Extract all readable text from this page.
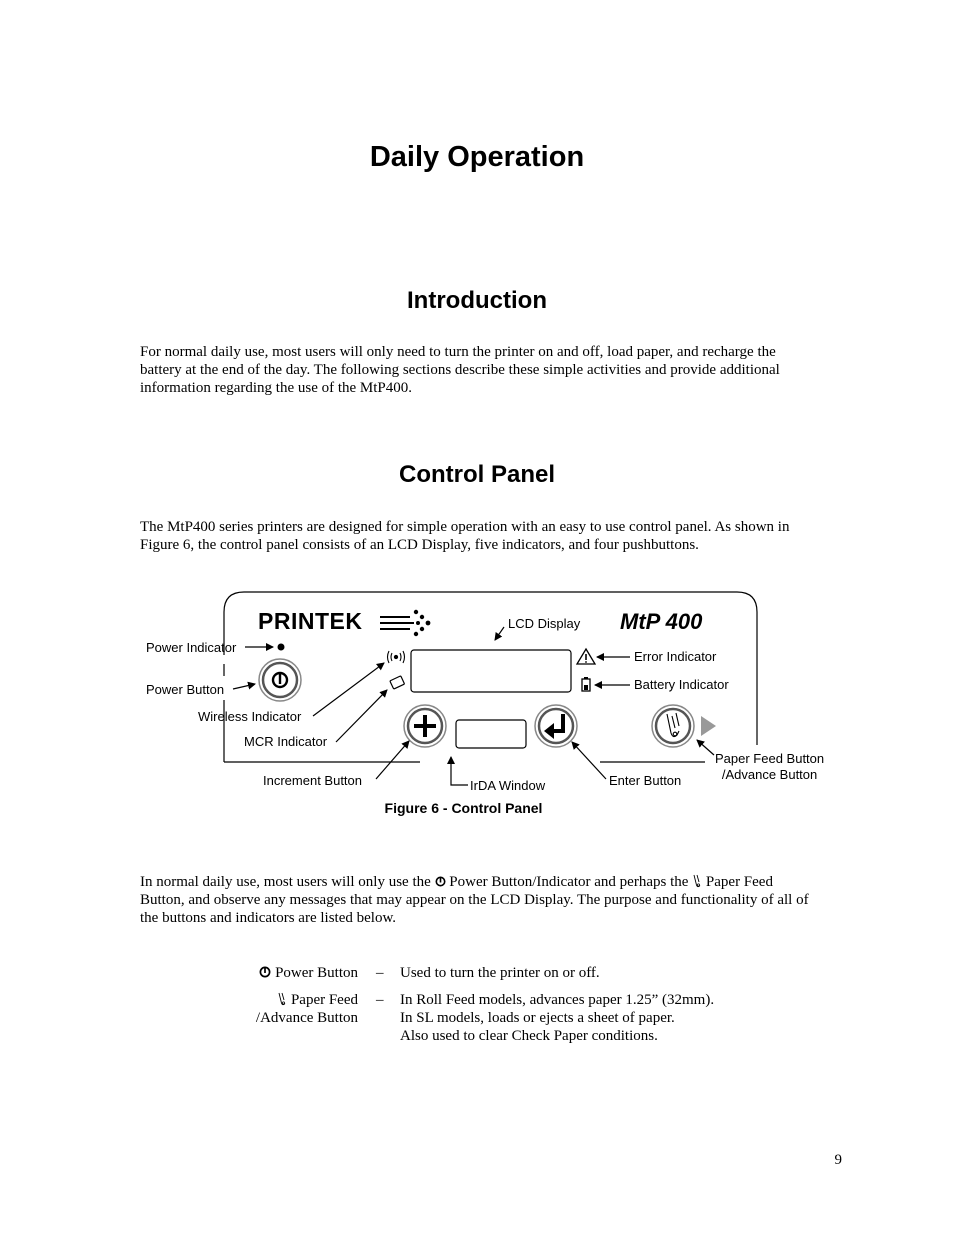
Daily Operation
Introduction
For normal daily use, most users will only need to turn the printer on and off, load paper, and recharge the
battery at the end of the day. The following sections describe these simple activities and provide additional
information regarding the use of the MtP400.
Control Panel
The MtP400 series printers are designed for simple operation with an easy to use control panel. As shown in
Figure 6, the control panel consists of an LCD Display, five indicators, and four pushbuttons.
PRINTEK	MtP 400
LCD Display
Power Indicator
Power Button
Wireless Indicator
MCR Indicator
Error Indicator
Battery Indicator
Increment Button	IrDA Window	Enter Button
Paper Feed Button
/Advance Button
Figure 6 - Control Panel
In normal daily use, most users will only use the  Power Button/Indicator and perhaps the  Paper Feed
Button, and observe any messages that may appear on the LCD Display. The purpose and functionality of all of
the buttons and indicators are listed below.
Power Button – Used to turn the printer on or off.
Paper Feed
/Advance Button
– In Roll Feed models, advances paper 1.25” (32mm).
In SL models, loads or ejects a sheet of paper.
Also used to clear Check Paper conditions.
9
